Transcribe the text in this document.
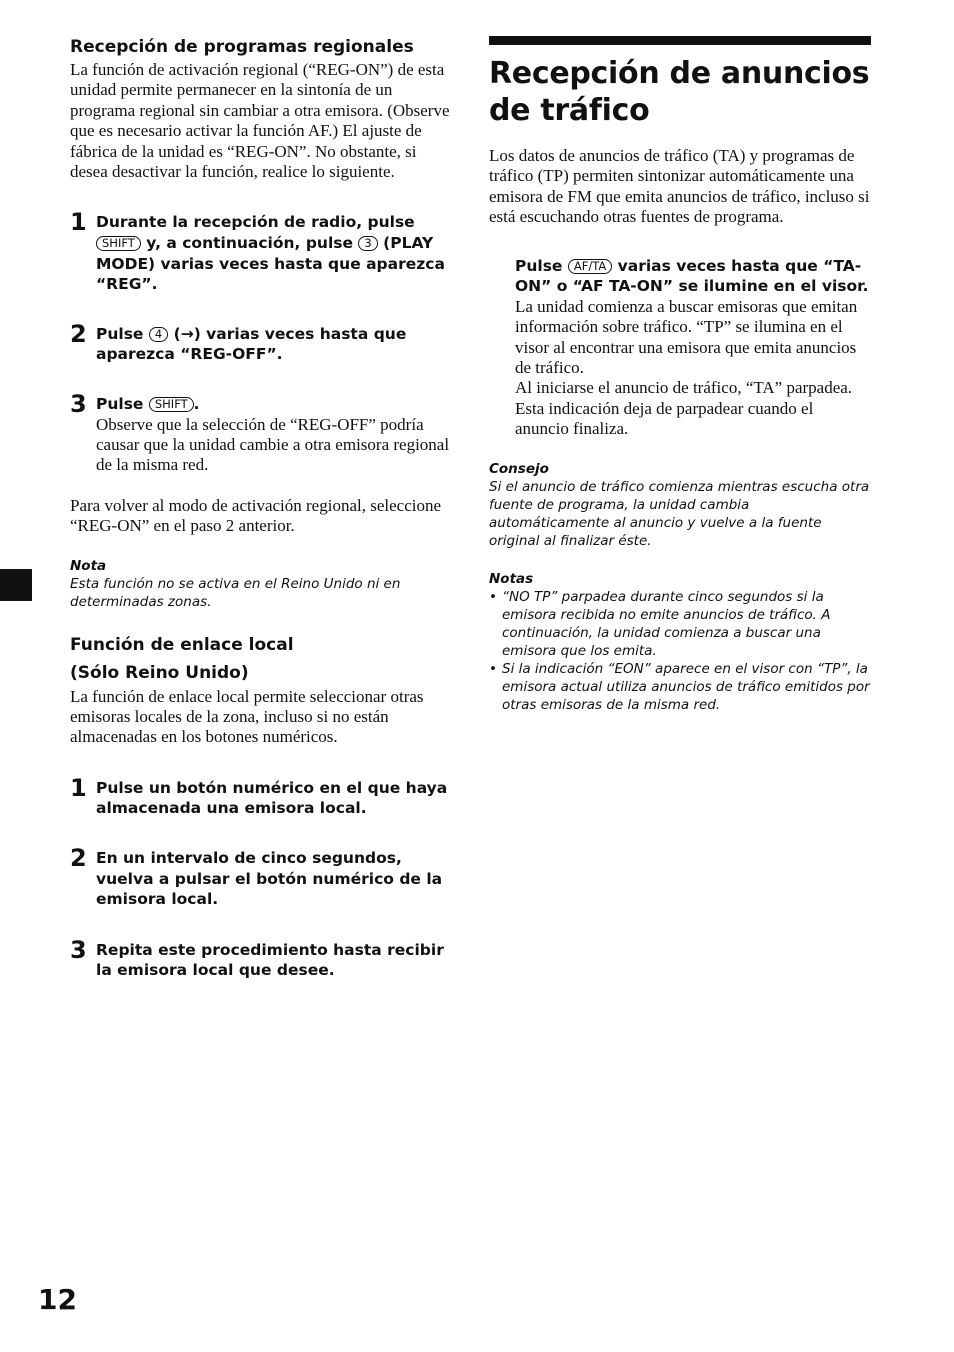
Recepción de programas regionales

La función de activación regional (“REG-ON”) de esta unidad permite permanecer en la sintonía de un programa regional sin cambiar a otra emisora. (Observe que es necesario activar la función AF.) El ajuste de fábrica de la unidad es “REG-ON”. No obstante, si desea desactivar la función, realice lo siguiente.

1 Durante la recepción de radio, pulse SHIFT y, a continuación, pulse 3 (PLAY MODE) varias veces hasta que aparezca “REG”.
2 Pulse 4 (→) varias veces hasta que aparezca “REG-OFF”.
3 Pulse SHIFT .

Observe que la selección de “REG-OFF” podría causar que la unidad cambie a otra emisora regional de la misma red.

Para volver al modo de activación regional, seleccione “REG-ON” en el paso 2 anterior.

Nota
Esta función no se activa en el Reino Unido ni en determinadas zonas.
Función de enlace local
(Sólo Reino Unido)

La función de enlace local permite seleccionar otras emisoras locales de la zona, incluso si no están almacenadas en los botones numéricos.

1 Pulse un botón numérico en el que haya almacenada una emisora local.
2 En un intervalo de cinco segundos, vuelva a pulsar el botón numérico de la emisora local.
3 Repita este procedimiento hasta recibir la emisora local que desee.
Recepción de anuncios de tráfico

Los datos de anuncios de tráfico (TA) y programas de tráfico (TP) permiten sintonizar automáticamente una emisora de FM que emita anuncios de tráfico, incluso si está escuchando otras fuentes de programa.

Pulse AF/TA varias veces hasta que “TA-ON” o “AF TA-ON” se ilumine en el visor.

La unidad comienza a buscar emisoras que emitan información sobre tráfico. “TP” se ilumina en el visor al encontrar una emisora que emita anuncios de tráfico.

Al iniciarse el anuncio de tráfico, “TA” parpadea. Esta indicación deja de parpadear cuando el anuncio finaliza.

Consejo
Si el anuncio de tráfico comienza mientras escucha otra fuente de programa, la unidad cambia automáticamente al anuncio y vuelve a la fuente original al finalizar éste.
Notas
• “NO TP” parpadea durante cinco segundos si la emisora recibida no emite anuncios de tráfico. A continuación, la unidad comienza a buscar una emisora que los emita.
• Si la indicación “EON” aparece en el visor con “TP”, la emisora actual utiliza anuncios de tráfico emitidos por otras emisoras de la misma red.
12
